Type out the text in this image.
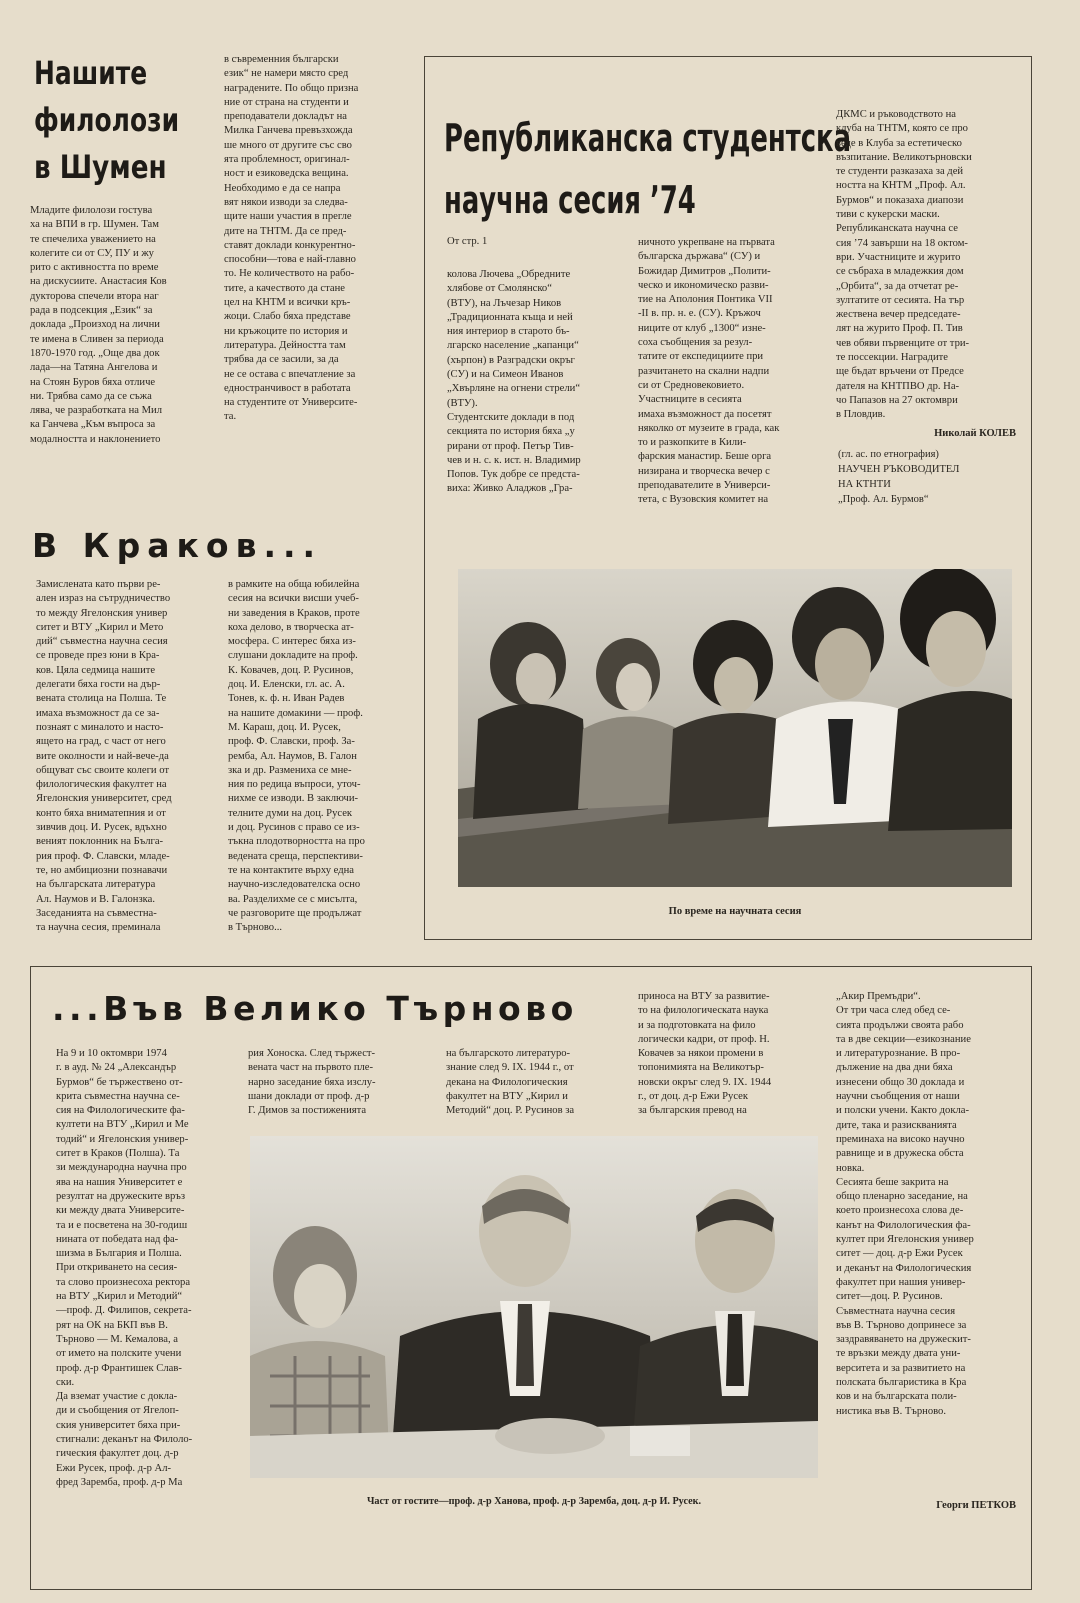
Нашите
филолози
в Шумен
Младите филолози гостува
ха на ВПИ в гр. Шумен. Там
те спечелиха уважението на
колегите си от СУ, ПУ и жу
рито с активността по време
на дискусиите. Анастасия Ков
дукторова спечели втора наг
рада в подсекция „Език“ за
доклада „Произход на лични
те имена в Сливен за периода
1870-1970 год. „Още два док
лада—на Татяна Ангелова и
на Стоян Буров бяха отличе
ни. Трябва само да се съжа
лява, че разработката на Мил
ка Ганчева „Към въпроса за
модалността и наклонението
в съвременния български
език“ не намери място сред
наградените. По общо призна
ние от страна на студенти и
преподаватели докладът на
Милка Ганчева превъзхожда
ше много от другите със сво
ята проблемност, оригинал-
ност и езиковедска вещина.
Необходимо е да се напра
вят някои изводи за следва-
щите наши участия в прегле
дите на ТНТМ. Да се пред-
ставят доклади конкурентно-
способни—това е най-главно
то. Не количеството на рабо-
тите, а качеството да стане
цел на КНТМ и всички кръ-
жоци. Слабо бяха представе
ни кръжоците по история и
литература. Дейността там
трябва да се засили, за да
не се остава с впечатление за
едностранчивост в работата
на студентите от Университе-
та.
Републиканска студентска
научна сесия ’74
От стр. 1
колова Лючева „Обредните
хлябове от Смолянско“
(ВТУ), на Лъчезар Ников
„Традиционната къща и ней
ния интериор в старото бъ-
лгарско население „капанци“
(хърпон) в Разградски окръг
(СУ) и на Симеон Иванов
„Хвърляне на огнени стрели“
(ВТУ).
Студентските доклади в под
секцията по история бяха „у
рирани от проф. Петър Тив-
чев и н. с. к. ист. н. Владимир
Попов. Тук добре се предста-
виха: Живко Аладжов „Гра-
ничното укрепване на първата
българска държава“ (СУ) и
Божидар Димитров „Полити-
ческо и икономическо разви-
тие на Аполония Понтика VII
-II в. пр. н. е. (СУ). Кръжоч
ниците от клуб „1300“ изне-
соха съобщения за резул-
татите от експедициите при
разчитането на скални надпи
си от Средновековието.
Участниците в сесията
имаха възможност да посетят
няколко от музеите в града, как
то и разкопките в Кили-
фарския манастир. Беше орга
низирана и творческа вечер с
преподавателите в Универси-
тета, с Вузовския комитет на
ДКМС и ръководството на
клуба на ТНТМ, която се про
веде в Клуба за естетическо
възпитание. Великотърновски
те студенти разказаха за дей
ността на КНТМ „Проф. Ал.
Бурмов“ и показаха диапози
тиви с кукерски маски.
Републиканската научна се
сия ’74 завърши на 18 октом-
ври. Участниците и журито
се събраха в младежкия дом
„Орбита“, за да отчетат ре-
зултатите от сесията. На тър
жествена вечер председате-
лят на журито Проф. П. Тив
чев обяви първенците от три-
те поссекции. Наградите
ще бъдат връчени от Предсе
дателя на КНТПВО др. На-
чо Папазов на 27 октомври
в Пловдив.
Николай КОЛЕВ
(гл. ас. по етнография)
НАУЧЕН РЪКОВОДИТЕЛ
НА КТНТИ
„Проф. Ал. Бурмов“
В Краков...
Замислената като първи ре-
ален израз на сътрудничество
то между Ягелонския универ
ситет и ВТУ „Кирил и Мето
дий“ съвместна научна сесия
се проведе през юни в Кра-
ков. Цяла седмица нашите
делегати бяха гости на дър-
вената столица на Полша. Те
имаха възможност да се за-
познаят с миналото и насто-
ящето на град, с част от него
вите околности и най-вече-да
общуват със своите колеги от
филологическия факултет на
Ягелонския университет, сред
конто бяха вниматепния и от
зивчив доц. И. Русек, вдъхно
веният поклонник на Бълга-
рия проф. Ф. Славски, младе-
те, но амбициозни познавачи
на българската литература
Ал. Наумов и В. Галонзка.
Заседанията на съвместна-
та научна сесия, преминала
в рамките на обща юбилейна
сесия на всички висши учеб-
ни заведения в Краков, проте
коха делово, в творческа ат-
мосфера. С интерес бяха из-
слушани докладите на проф.
К. Ковачев, доц. Р. Русинов,
доц. И. Еленски, гл. ас. А.
Тонев, к. ф. н. Иван Радев
на нашите домакини — проф.
М. Караш, доц. И. Русек,
проф. Ф. Славски, проф. За-
ремба, Ал. Наумов, В. Галон
зка и др. Размениха се мне-
ния по редица въпроси, уточ-
нихме се изводи. В заключи-
телните думи на доц. Русек
и доц. Русинов с право се из-
тъкна плодотворността на про
ведената среща, перспективи-
те на контактите върху една
научно-изследователска осно
ва. Разделихме се с мисълта,
че разговорите ще продължат
в Търново...
По време на научната сесия
...Във Велико Търново
На 9 и 10 октомври 1974
г. в ауд. № 24 „Александър
Бурмов“ бе тържествено от-
крита съвместна научна се-
сия на Филологическите фа-
култети на ВТУ „Кирил и Ме
тодий“ и Ягелонския универ-
ситет в Краков (Полша). Та
зи международна научна про
ява на нашия Университет е
резултат на дружеските връз
ки между двата Университе-
та и е посветена на 30-годиш
нината от победата над фа-
шизма в България и Полша.
При откриването на сесия-
та слово произнесоха ректора
на ВТУ „Кирил и Методий“
—проф. Д. Филипов, секрета-
рят на ОК на БКП във В.
Търново — М. Кемалова, а
от името на полските учени
проф. д-р Франтишек Слав-
ски.
Да вземат участие с докла-
ди и съобщения от Ягелоп-
ския университет бяха при-
стигнали: деканът на Филоло-
гическия факултет доц. д-р
Ежи Русек, проф. д-р Ал-
фред Заремба, проф. д-р Ма
рия Хоноска. След тържест-
вената част на първото пле-
нарно заседание бяха изслу-
шани доклади от проф. д-р
Г. Димов за постиженията
на българското литературо-
знание след 9. IX. 1944 г., от
декана на Филологическия
факултет на ВТУ „Кирил и
Методий“ доц. Р. Русинов за
приноса на ВТУ за развитие-
то на филологическата наука
и за подготовката на фило
логически кадри, от проф. Н.
Ковачев за някои промени в
топонимията на Великотър-
новски окръг след 9. IX. 1944
г., от доц. д-р Ежи Русек
за българския превод на
„Акир Премъдри“.
От три часа след обед се-
сията продължи своята рабо
та в две секции—езикознание
и литературознание. В про-
дължение на два дни бяха
изнесени общо 30 доклада и
научни съобщения от наши
и полски учени. Както докла-
дите, така и разискванията
преминаха на високо научно
равнище и в дружеска обста
новка.
Сесията беше закрита на
общо пленарно заседание, на
което произнесоха слова де-
канът на Филологическия фа-
култет при Ягелонския универ
ситет — доц. д-р Ежи Русек
и деканът на Филологическия
факултет при нашия универ-
ситет—доц. Р. Русинов.
Съвместната научна сесия
във В. Търново допринесе за
заздравяването на дружескит-
те връзки между двата уни-
верситета и за развитието на
полската българистика в Кра
ков и на българската поли-
нистика във В. Търново.
Част от гостите—проф. д-р Ханова, проф. д-р Заремба, доц. д-р И. Русек.	Георги ПЕТКОВ
